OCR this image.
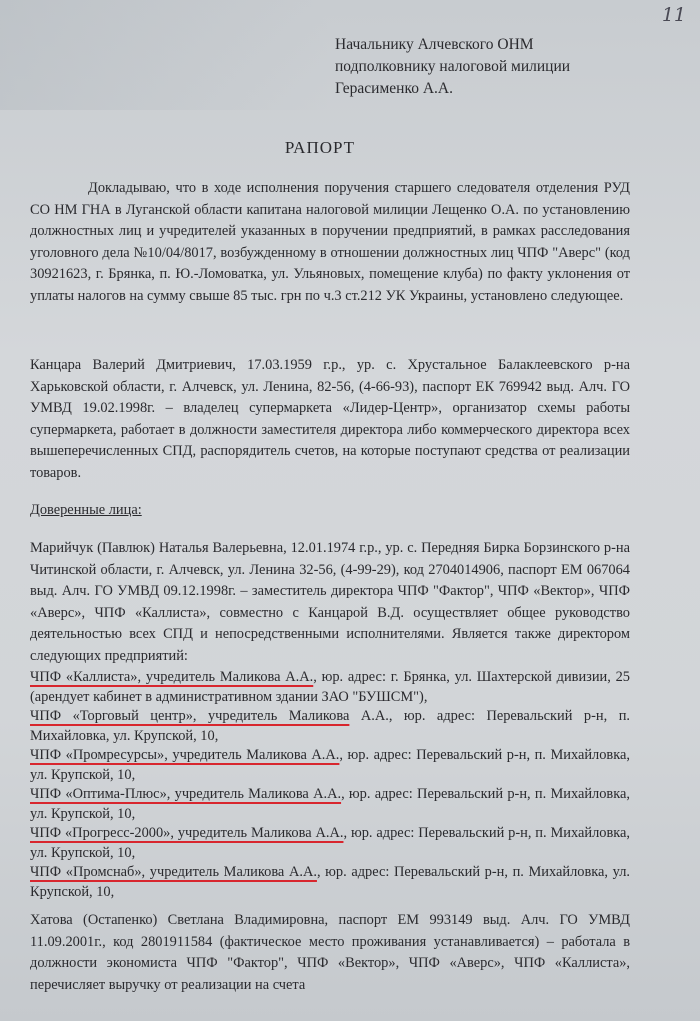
11
Начальнику Алчевского ОНМ
подполковнику налоговой милиции
Герасименко А.А.
РАПОРТ
Докладываю, что в ходе исполнения поручения старшего следователя отделения РУД СО НМ ГНА в Луганской области капитана налоговой милиции Лещенко О.А. по установлению должностных лиц и учредителей указанных в поручении предприятий, в рамках расследования уголовного дела №10/04/8017, возбужденному в отношении должностных лиц ЧПФ "Аверс" (код 30921623, г. Брянка, п. Ю.-Ломоватка, ул. Ульяновых, помещение клуба) по факту уклонения от уплаты налогов на сумму свыше 85 тыс. грн по ч.3 ст.212 УК Украины, установлено следующее.
Канцара Валерий Дмитриевич, 17.03.1959 г.р., ур. с. Хрустальное Балаклеевского р-на Харьковской области, г. Алчевск, ул. Ленина, 82-56, (4-66-93), паспорт ЕК 769942 выд. Алч. ГО УМВД 19.02.1998г. – владелец супермаркета «Лидер-Центр», организатор схемы работы супермаркета, работает в должности заместителя директора либо коммерческого директора всех вышеперечисленных СПД, распорядитель счетов, на которые поступают средства от реализации товаров.
Доверенные лица:
Марийчук (Павлюк) Наталья Валерьевна, 12.01.1974 г.р., ур. с. Передняя Бирка Борзинского р-на Читинской области, г. Алчевск, ул. Ленина 32-56, (4-99-29), код 2704014906, паспорт ЕМ 067064 выд. Алч. ГО УМВД 09.12.1998г. – заместитель директора ЧПФ "Фактор", ЧПФ «Вектор», ЧПФ «Аверс», ЧПФ «Каллиста», совместно с Канцарой В.Д. осуществляет общее руководство деятельностью всех СПД и непосредственными исполнителями. Является также директором следующих предприятий:

ЧПФ «Каллиста», учредитель Маликова А.А., юр. адрес: г. Брянка, ул. Шахтерской дивизии, 25 (арендует кабинет в административном здании ЗАО "БУШСМ"),

ЧПФ «Торговый центр», учредитель Маликова А.А., юр. адрес: Перевальский р-н, п. Михайловка, ул. Крупской, 10,

ЧПФ «Промресурсы», учредитель Маликова А.А., юр. адрес: Перевальский р-н, п. Михайловка, ул. Крупской, 10,

ЧПФ «Оптима-Плюс», учредитель Маликова А.А., юр. адрес: Перевальский р-н, п. Михайловка, ул. Крупской, 10,

ЧПФ «Прогресс-2000», учредитель Маликова А.А., юр. адрес: Перевальский р-н, п. Михайловка, ул. Крупской, 10,

ЧПФ «Промснаб», учредитель Маликова А.А., юр. адрес: Перевальский р-н, п. Михайловка, ул. Крупской, 10,

Хатова (Остапенко) Светлана Владимировна, паспорт ЕМ 993149 выд. Алч. ГО УМВД 11.09.2001г., код 2801911584 (фактическое место проживания устанавливается) – работала в должности экономиста ЧПФ "Фактор", ЧПФ «Вектор», ЧПФ «Аверс», ЧПФ «Каллиста», перечисляет выручку от реализации на счета
